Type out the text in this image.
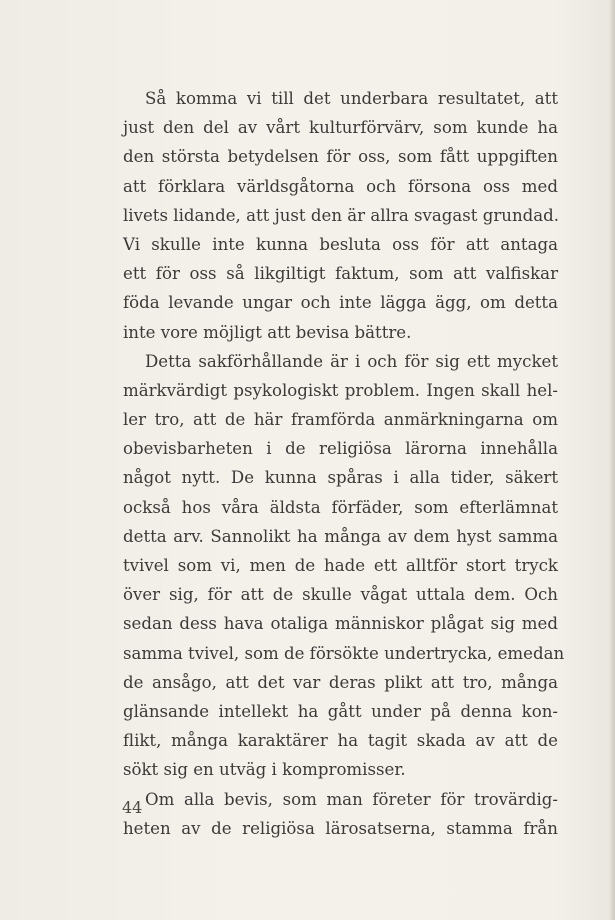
Så komma vi till det underbara resultatet, att
just den del av vårt kulturförvärv, som kunde ha
den största betydelsen för oss, som fått uppgiften
att förklara världsgåtorna och försona oss med
livets lidande, att just den är allra svagast grundad.
Vi skulle inte kunna besluta oss för att antaga
ett för oss så likgiltigt faktum, som att valfiskar
föda levande ungar och inte lägga ägg, om detta
inte vore möjligt att bevisa bättre.
Detta sakförhållande är i och för sig ett mycket
märkvärdigt psykologiskt problem. Ingen skall hel-
ler tro, att de här framförda anmärkningarna om
obevisbarheten i de religiösa lärorna innehålla
något nytt. De kunna spåras i alla tider, säkert
också hos våra äldsta förfäder, som efterlämnat
detta arv. Sannolikt ha många av dem hyst samma
tvivel som vi, men de hade ett alltför stort tryck
över sig, för att de skulle vågat uttala dem. Och
sedan dess hava otaliga människor plågat sig med
samma tvivel, som de försökte undertrycka, emedan
de ansågo, att det var deras plikt att tro, många
glänsande intellekt ha gått under på denna kon-
flikt, många karaktärer ha tagit skada av att de
sökt sig en utväg i kompromisser.
Om alla bevis, som man företer för trovärdig-
heten av de religiösa lärosatserna, stamma från
44
